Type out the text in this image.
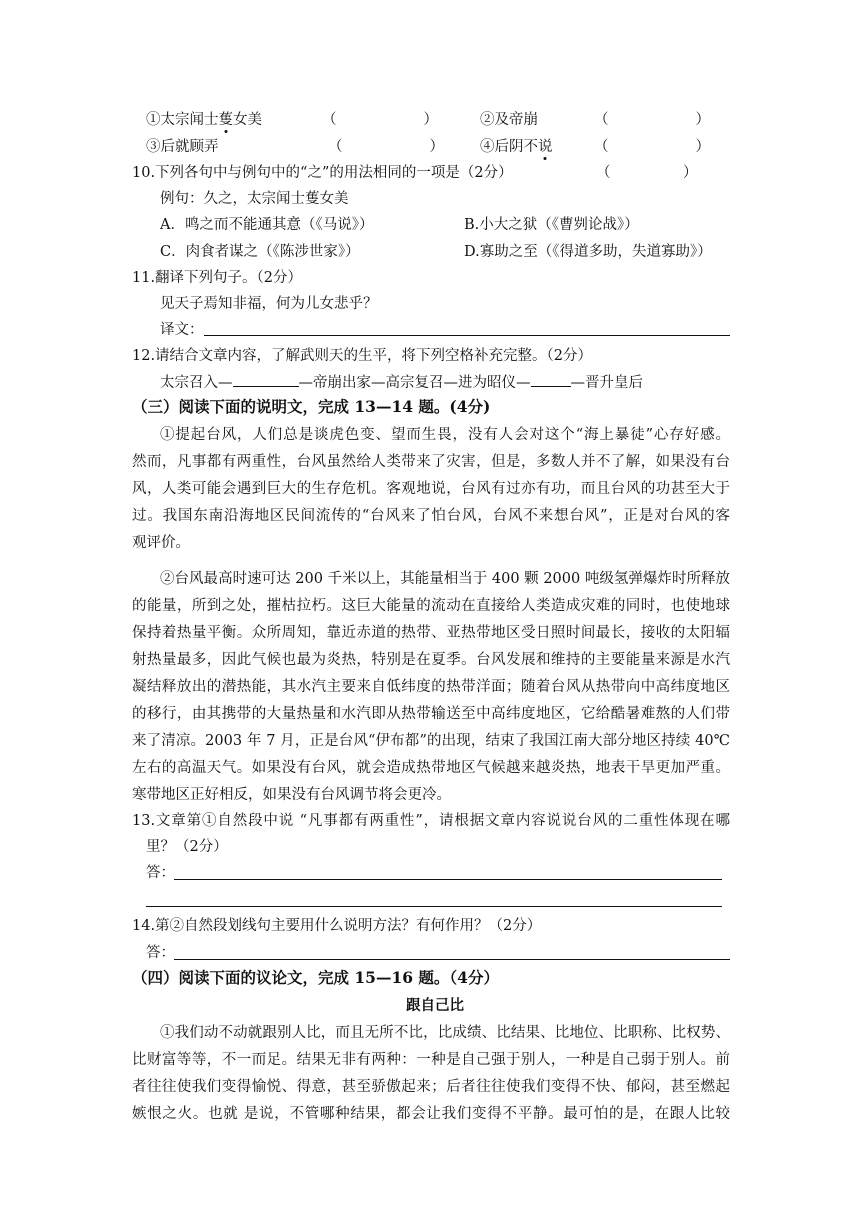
①太宗闻士蒦女美	（　　　　　　）	②及帝崩	（　　　　　　）
③后就顾弄	（　　　　　　） ④后阴不说	（　　　　　　）
10.下列各句中与例句中的“之”的用法相同的一项是（2分）	（　　　　　）
例句：久之，太宗闻士蒦女美
A．鸣之而不能通其意（《马说》）	B.小大之狱（《曹刿论战》）
C．肉食者谋之（《陈涉世家》）	D.寡助之至（《得道多助，失道寡助》）
11.翻译下列句子。（2分）
见天子焉知非福，何为儿女悲乎？
译文：
12.请结合文章内容，了解武则天的生平，将下列空格补充完整。（2分）
太宗召入—	—帝崩出家—高宗复召—进为昭仪—	—晋升皇后
（三）阅读下面的说明文，完成 13—14 题。(4分)
①提起台风，人们总是谈虎色变、望而生畏，没有人会对这个“海上暴徒”心存好感。
然而，凡事都有两重性，台风虽然给人类带来了灾害，但是，多数人并不了解，如果没有台
风，人类可能会遇到巨大的生存危机。客观地说，台风有过亦有功，而且台风的功甚至大于
过。我国东南沿海地区民间流传的“台风来了怕台风，台风不来想台风”，正是对台风的客
观评价。
②台风最高时速可达 200 千米以上，其能量相当于 400 颗 2000 吨级氢弹爆炸时所释放
的能量，所到之处，摧枯拉朽。这巨大能量的流动在直接给人类造成灾难的同时，也使地球
保持着热量平衡。众所周知，靠近赤道的热带、亚热带地区受日照时间最长，接收的太阳辐
射热量最多，因此气候也最为炎热，特别是在夏季。台风发展和维持的主要能量来源是水汽
凝结释放出的潜热能，其水汽主要来自低纬度的热带洋面；随着台风从热带向中高纬度地区
的移行，由其携带的大量热量和水汽即从热带输送至中高纬度地区，它给酷暑难熬的人们带
来了清凉。2003 年 7 月，正是台风“伊布都”的出现，结束了我国江南大部分地区持续 40℃
左右的高温天气。如果没有台风，就会造成热带地区气候越来越炎热，地表干旱更加严重。
寒带地区正好相反，如果没有台风调节将会更冷。
13.文章第①自然段中说 “凡事都有两重性”，请根据文章内容说说台风的二重性体现在哪
里？（2分）
答：
14.第②自然段划线句主要用什么说明方法？有何作用？（2分）
答：
（四）阅读下面的议论文，完成 15—16 题。（4分）
跟自己比
①我们动不动就跟别人比，而且无所不比，比成绩、比结果、比地位、比职称、比权势、
比财富等等，不一而足。结果无非有两种：一种是自己强于别人，一种是自己弱于别人。前
者往往使我们变得愉悦、得意，甚至骄傲起来；后者往往使我们变得不快、郁闷，甚至燃起
嫉恨之火。也就 是说，不管哪种结果，都会让我们变得不平静。最可怕的是，在跟人比较
